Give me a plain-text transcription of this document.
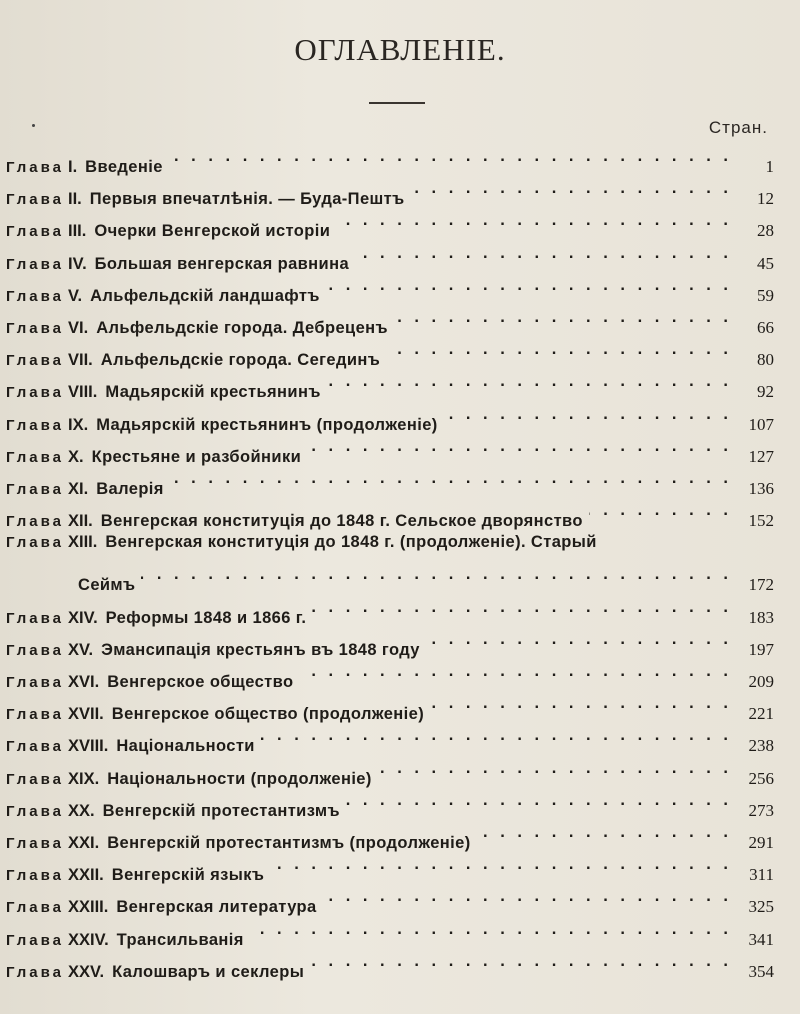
ОГЛАВЛЕНІЕ.
Стран.
Глава I. Введеніе . . .	1
Глава II. Первыя впечатлѣнія. — Буда-Пештъ . . .	12
Глава III. Очерки Венгерской исторіи . . .	28
Глава IV. Большая венгерская равнина . . .	45
Глава V. Альфельдскій ландшафтъ . . .	59
Глава VI. Альфельдскіе города. Дебреценъ . . .	66
Глава VII. Альфельдскіе города. Сегединъ . . .	80
Глава VIII. Мадьярскій крестьянинъ . . .	92
Глава IX. Мадьярскій крестьянинъ (продолженіе) . . .	107
Глава X. Крестьяне и разбойники . . .	127
Глава XI. Валерія . . .	136
Глава XII. Венгерская конституція до 1848 г. Сельское дворянство . . .	152
Глава XIII. Венгерская конституція до 1848 г. (продолженіе). Старый
Сеймъ . . .	172
Глава XIV. Реформы 1848 и 1866 г. . . .	183
Глава XV. Эмансипація крестьянъ въ 1848 году . . .	197
Глава XVI. Венгерское общество . . .	209
Глава XVII. Венгерское общество (продолженіе) . . .	221
Глава XVIII. Національности . . .	238
Глава XIX. Національности (продолженіе) . . .	256
Глава XX. Венгерскій протестантизмъ . . .	273
Глава XXI. Венгерскій протестантизмъ (продолженіе) . . .	291
Глава XXII. Венгерскій языкъ . . .	311
Глава XXIII. Венгерская литература . . .	325
Глава XXIV. Трансильванія . . .	341
Глава XXV. Калошваръ и секлеры . . .	354
